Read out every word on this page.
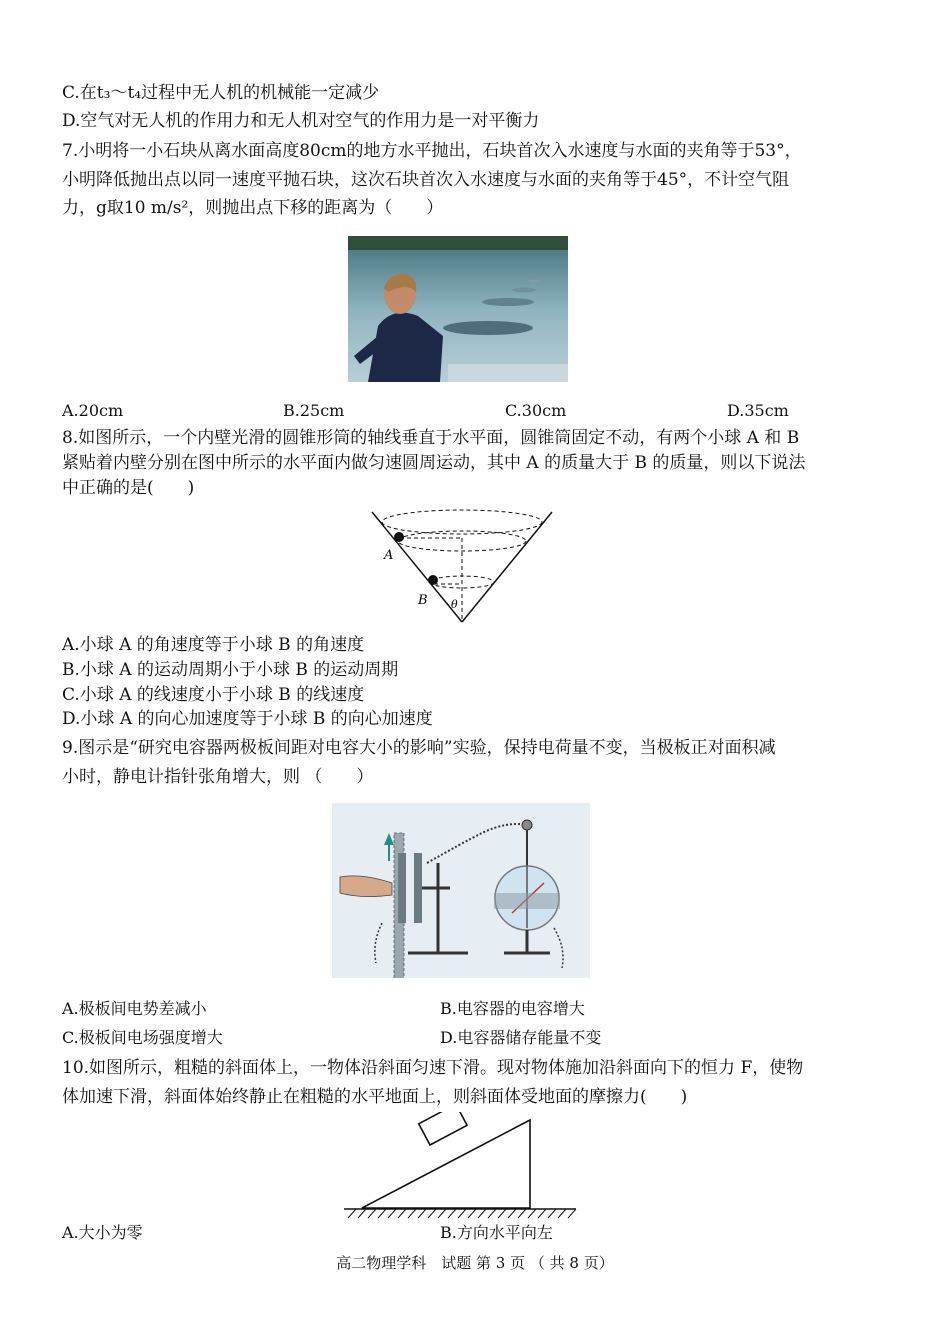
C.在t₃～t₄过程中无人机的机械能一定减少
D.空气对无人机的作用力和无人机对空气的作用力是一对平衡力
7.小明将一小石块从离水面高度80cm的地方水平抛出，石块首次入水速度与水面的夹角等于53°，
小明降低抛出点以同一速度平抛石块，这次石块首次入水速度与水面的夹角等于45°，不计空气阻
力，g取10 m/s²，则抛出点下移的距离为（　　）
A.20cm	B.25cm	C.30cm	D.35cm
8.如图所示，一个内壁光滑的圆锥形筒的轴线垂直于水平面，圆锥筒固定不动，有两个小球 A 和 B
紧贴着内壁分别在图中所示的水平面内做匀速圆周运动，其中 A 的质量大于 B 的质量，则以下说法
中正确的是(　　)
A
B θ
A.小球 A 的角速度等于小球 B 的角速度
B.小球 A 的运动周期小于小球 B 的运动周期
C.小球 A 的线速度小于小球 B 的线速度
D.小球 A 的向心加速度等于小球 B 的向心加速度
9.图示是“研究电容器两极板间距对电容大小的影响”实验，保持电荷量不变，当极板正对面积减
小时，静电计指针张角增大，则 （　　）
A.极板间电势差减小	B.电容器的电容增大
C.极板间电场强度增大	D.电容器储存能量不变
10.如图所示，粗糙的斜面体上，一物体沿斜面匀速下滑。现对物体施加沿斜面向下的恒力 F，使物
体加速下滑，斜面体始终静止在粗糙的水平地面上，则斜面体受地面的摩擦力(　　)
A.大小为零	B.方向水平向左
高二物理学科　试题 第 3 页 （ 共 8 页）
